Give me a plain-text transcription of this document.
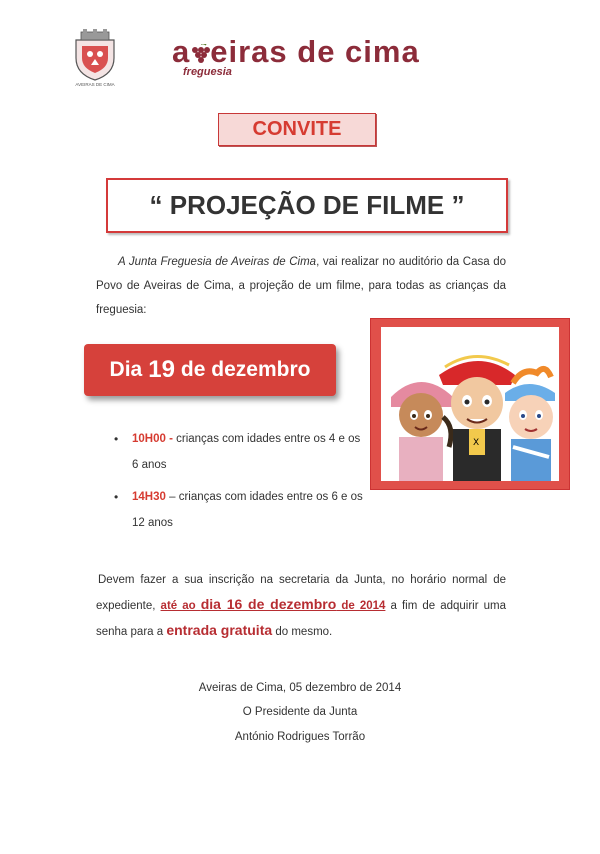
AVEIRAS DE CIMA
a eiras de cima
freguesia
CONVITE
“ PROJEÇÃO DE FILME ”
A Junta Freguesia de Aveiras de Cima, vai realizar no auditório da Casa do Povo de Aveiras de Cima, a projeção de um filme, para todas as crianças da freguesia:
Dia 19 de dezembro
• 10H00 - crianças com idades entre os 4 e os 6 anos
• 14H30 – crianças com idades entre os 6 e os 12 anos
X
Devem fazer a sua inscrição na secretaria da Junta, no horário normal de expediente, até ao dia 16 de dezembro de 2014 a fim de adquirir uma senha para a entrada gratuita do mesmo.
Aveiras de Cima, 05 dezembro de 2014
O Presidente da Junta
António Rodrigues Torrão
